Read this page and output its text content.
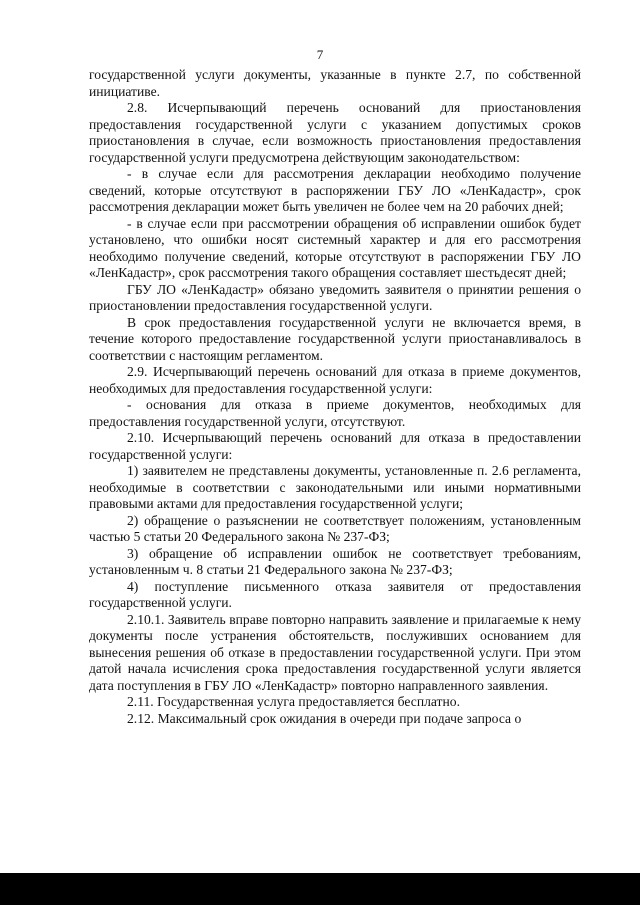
7

государственной услуги документы, указанные в пункте 2.7, по собственной инициативе.

2.8. Исчерпывающий перечень оснований для приостановления предоставления государственной услуги с указанием допустимых сроков приостановления в случае, если возможность приостановления предоставления государственной услуги предусмотрена действующим законодательством:

- в случае если для рассмотрения декларации необходимо получение сведений, которые отсутствуют в распоряжении ГБУ ЛО «ЛенКадастр», срок рассмотрения декларации может быть увеличен не более чем на 20 рабочих дней;

- в случае если при рассмотрении обращения об исправлении ошибок будет установлено, что ошибки носят системный характер и для его рассмотрения необходимо получение сведений, которые отсутствуют в распоряжении ГБУ ЛО «ЛенКадастр», срок рассмотрения такого обращения составляет шестьдесят дней;

ГБУ ЛО «ЛенКадастр» обязано уведомить заявителя о принятии решения о приостановлении предоставления государственной услуги.

В срок предоставления государственной услуги не включается время, в течение которого предоставление государственной услуги приостанавливалось в соответствии с настоящим регламентом.

2.9. Исчерпывающий перечень оснований для отказа в приеме документов, необходимых для предоставления государственной услуги:

- основания для отказа в приеме документов, необходимых для предоставления государственной услуги, отсутствуют.

2.10. Исчерпывающий перечень оснований для отказа в предоставлении государственной услуги:

1) заявителем не представлены документы, установленные п. 2.6 регламента, необходимые в соответствии с законодательными или иными нормативными правовыми актами для предоставления государственной услуги;

2) обращение о разъяснении не соответствует положениям, установленным частью 5 статьи 20 Федерального закона № 237-ФЗ;

3) обращение об исправлении ошибок не соответствует требованиям, установленным ч. 8 статьи 21 Федерального закона № 237-ФЗ;

4) поступление письменного отказа заявителя от предоставления государственной услуги.

2.10.1. Заявитель вправе повторно направить заявление и прилагаемые к нему документы после устранения обстоятельств, послуживших основанием для вынесения решения об отказе в предоставлении государственной услуги. При этом датой начала исчисления срока предоставления государственной услуги является дата поступления в ГБУ ЛО «ЛенКадастр» повторно направленного заявления.

2.11. Государственная услуга предоставляется бесплатно.

2.12. Максимальный срок ожидания в очереди при подаче запроса о
